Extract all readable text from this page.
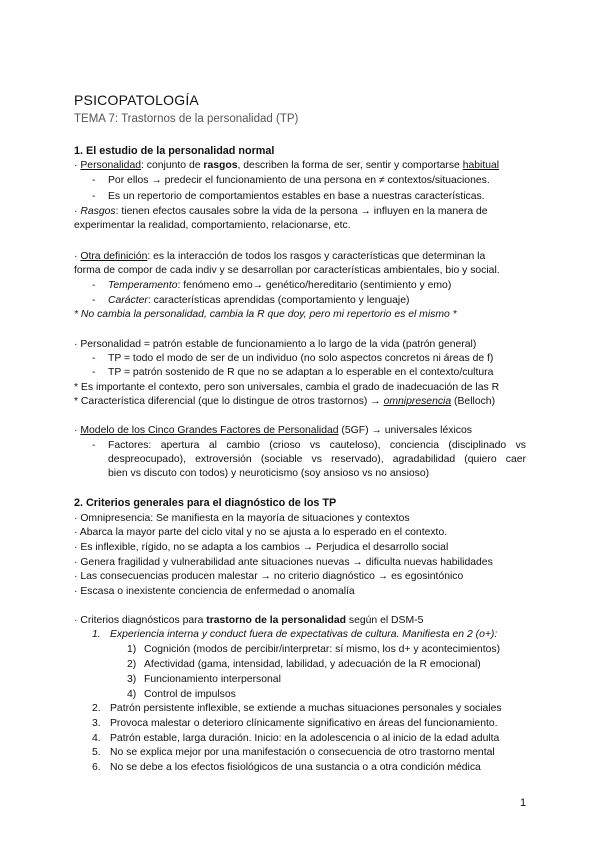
PSICOPATOLOGÍA
TEMA 7: Trastornos de la personalidad (TP)
1. El estudio de la personalidad normal
· Personalidad: conjunto de rasgos, describen la forma de ser, sentir y comportarse habitual
- Por ellos → predecir el funcionamiento de una persona en ≠ contextos/situaciones.
- Es un repertorio de comportamientos estables en base a nuestras características.
· Rasgos: tienen efectos causales sobre la vida de la persona → influyen en la manera de
experimentar la realidad, comportamiento, relacionarse, etc.
· Otra definición: es la interacción de todos los rasgos y características que determinan la
forma de compor de cada indiv y se desarrollan por características ambientales, bio y social.
- Temperamento: fenómeno emo→ genético/hereditario (sentimiento y emo)
- Carácter: características aprendidas (comportamiento y lenguaje)
* No cambia la personalidad, cambia la R que doy, pero mi repertorio es el mismo *
· Personalidad = patrón estable de funcionamiento a lo largo de la vida (patrón general)
- TP = todo el modo de ser de un individuo (no solo aspectos concretos ni áreas de f)
- TP = patrón sostenido de R que no se adaptan a lo esperable en el contexto/cultura
* Es importante el contexto, pero son universales, cambia el grado de inadecuación de las R
* Característica diferencial (que lo distingue de otros trastornos) → omnipresencia (Belloch)
· Modelo de los Cinco Grandes Factores de Personalidad (5GF) → universales léxicos
- Factores: apertura al cambio (crioso vs cauteloso), conciencia (disciplinado vs
despreocupado), extroversión (sociable vs reservado), agradabilidad (quiero caer
bien vs discuto con todos) y neuroticismo (soy ansioso vs no ansioso)
2. Criterios generales para el diagnóstico de los TP
· Omnipresencia: Se manifiesta en la mayoría de situaciones y contextos
· Abarca la mayor parte del ciclo vital y no se ajusta a lo esperado en el contexto.
· Es inflexible, rígido, no se adapta a los cambios → Perjudica el desarrollo social
· Genera fragilidad y vulnerabilidad ante situaciones nuevas → dificulta nuevas habilidades
· Las consecuencias producen malestar → no criterio diagnóstico → es egosintónico
· Escasa o inexistente conciencia de enfermedad o anomalía
· Criterios diagnósticos para trastorno de la personalidad según el DSM-5
1. Experiencia interna y conduct fuera de expectativas de cultura. Manifiesta en 2 (o+):
1) Cognición (modos de percibir/interpretar: sí mismo, los d+ y acontecimientos)
2) Afectividad (gama, intensidad, labilidad, y adecuación de la R emocional)
3) Funcionamiento interpersonal
4) Control de impulsos
2. Patrón persistente inflexible, se extiende a muchas situaciones personales y sociales
3. Provoca malestar o deterioro clínicamente significativo en áreas del funcionamiento.
4. Patrón estable, larga duración. Inicio: en la adolescencia o al inicio de la edad adulta
5. No se explica mejor por una manifestación o consecuencia de otro trastorno mental
6. No se debe a los efectos fisiológicos de una sustancia o a otra condición médica
1
